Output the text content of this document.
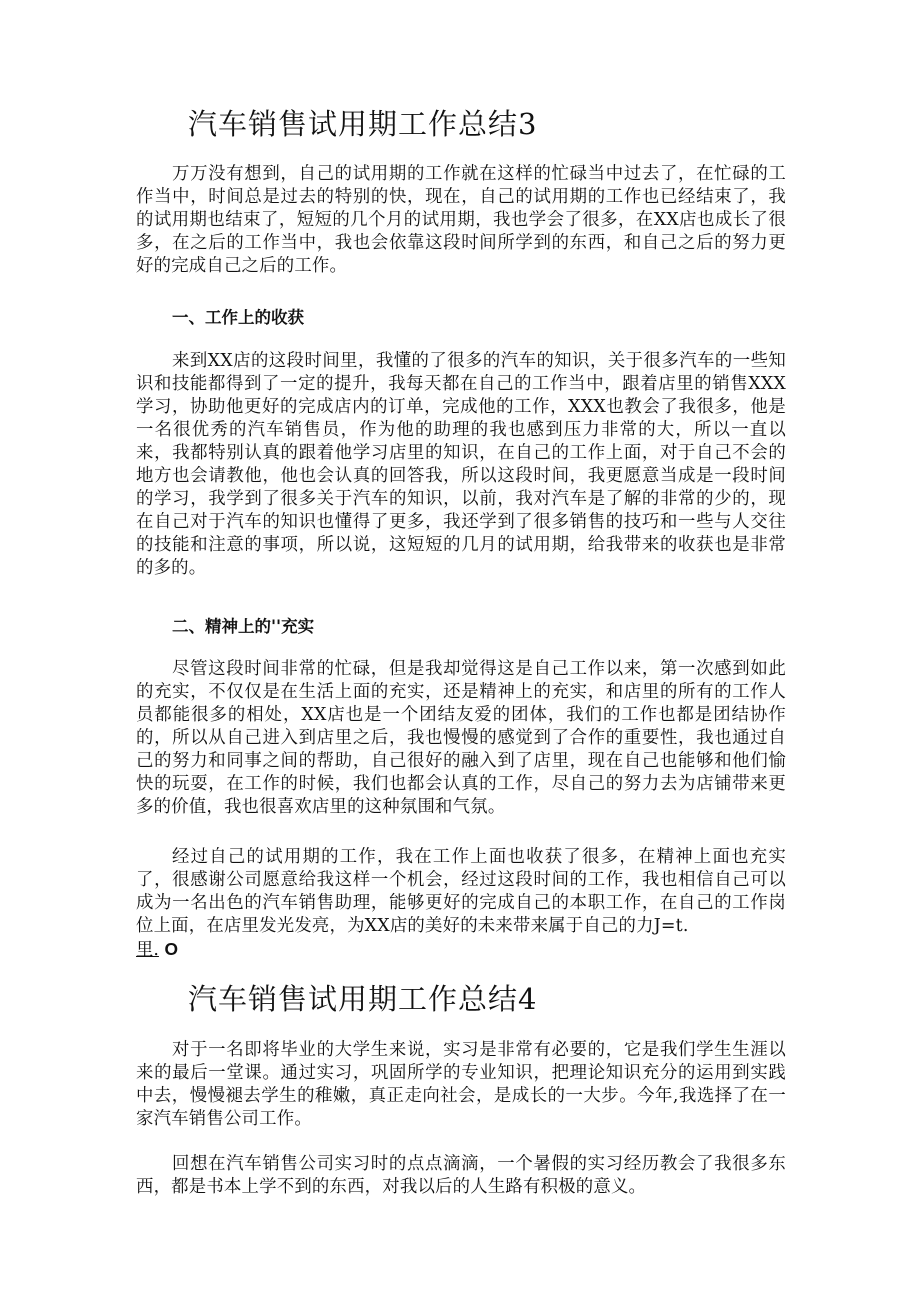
汽车销售试用期工作总结3

万万没有想到，自己的试用期的工作就在这样的忙碌当中过去了，在忙碌的工作当中，时间总是过去的特别的快，现在，自己的试用期的工作也已经结束了，我的试用期也结束了，短短的几个月的试用期，我也学会了很多，在XX店也成长了很多，在之后的工作当中，我也会依靠这段时间所学到的东西，和自己之后的努力更好的完成自己之后的工作。

一、工作上的收获

来到XX店的这段时间里，我懂的了很多的汽车的知识，关于很多汽车的一些知识和技能都得到了一定的提升，我每天都在自己的工作当中，跟着店里的销售XXX学习，协助他更好的完成店内的订单，完成他的工作，XXX也教会了我很多，他是一名很优秀的汽车销售员，作为他的助理的我也感到压力非常的大，所以一直以来，我都特别认真的跟着他学习店里的知识，在自己的工作上面，对于自己不会的地方也会请教他，他也会认真的回答我，所以这段时间，我更愿意当成是一段时间的学习，我学到了很多关于汽车的知识，以前，我对汽车是了解的非常的少的，现在自己对于汽车的知识也懂得了更多，我还学到了很多销售的技巧和一些与人交往的技能和注意的事项，所以说，这短短的几月的试用期，给我带来的收获也是非常的多的。

二、精神上的''充实

尽管这段时间非常的忙碌，但是我却觉得这是自己工作以来，第一次感到如此的充实，不仅仅是在生活上面的充实，还是精神上的充实，和店里的所有的工作人员都能很多的相处，XX店也是一个团结友爱的团体，我们的工作也都是团结协作的，所以从自己进入到店里之后，我也慢慢的感觉到了合作的重要性，我也通过自己的努力和同事之间的帮助，自己很好的融入到了店里，现在自己也能够和他们愉快的玩耍，在工作的时候，我们也都会认真的工作，尽自己的努力去为店铺带来更多的价值，我也很喜欢店里的这种氛围和气氛。

经过自己的试用期的工作，我在工作上面也收获了很多，在精神上面也充实了，很感谢公司愿意给我这样一个机会，经过这段时间的工作，我也相信自己可以成为一名出色的汽车销售助理，能够更好的完成自己的本职工作，在自己的工作岗位上面，在店里发光发亮，为XX店的美好的未来带来属于自己的力J=t.

里. O
汽车销售试用期工作总结4

对于一名即将毕业的大学生来说，实习是非常有必要的，它是我们学生生涯以来的最后一堂课。通过实习，巩固所学的专业知识，把理论知识充分的运用到实践中去，慢慢褪去学生的稚嫩，真正走向社会，是成长的一大步。今年,我选择了在一家汽车销售公司工作。

回想在汽车销售公司实习时的点点滴滴，一个暑假的实习经历教会了我很多东西，都是书本上学不到的东西，对我以后的人生路有积极的意义。
